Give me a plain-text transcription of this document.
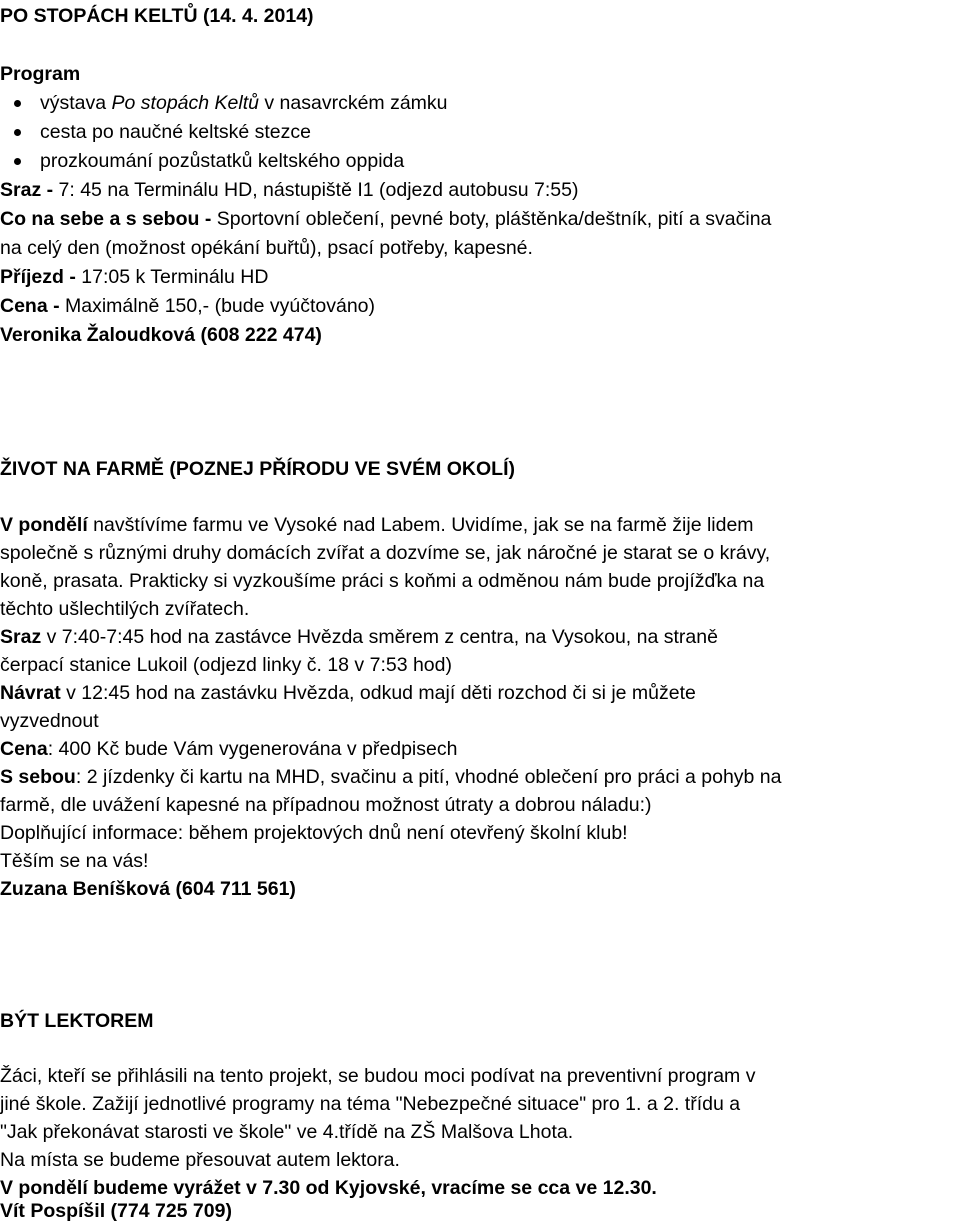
PO STOPÁCH KELTŮ (14. 4. 2014)
Program
výstava Po stopách Keltů v nasavrckém zámku
cesta po naučné keltské stezce
prozkoumání pozůstatků keltského oppida
Sraz - 7: 45 na Terminálu HD, nástupiště I1 (odjezd autobusu 7:55)
Co na sebe a s sebou - Sportovní oblečení, pevné boty, pláštěnka/deštník, pití a svačina
na celý den (možnost opékání buřtů), psací potřeby, kapesné.
Příjezd - 17:05 k Terminálu HD
Cena - Maximálně 150,- (bude vyúčtováno)
Veronika Žaloudková (608 222 474)
ŽIVOT NA FARMĚ (POZNEJ PŘÍRODU VE SVÉM OKOLÍ)
V pondělí navštívíme farmu ve Vysoké nad Labem. Uvidíme, jak se na farmě žije lidem
společně s různými druhy domácích zvířat a dozvíme se, jak náročné je starat se o krávy,
koně, prasata. Prakticky si vyzkoušíme práci s koňmi a odměnou nám bude projížďka na
těchto ušlechtilých zvířatech.
Sraz v 7:40-7:45 hod na zastávce Hvězda směrem z centra, na Vysokou, na straně
čerpací stanice Lukoil (odjezd linky č. 18 v 7:53 hod)
Návrat v 12:45 hod na zastávku Hvězda, odkud mají děti rozchod či si je můžete
vyzvednout
Cena: 400 Kč bude Vám vygenerována v předpisech
S sebou: 2 jízdenky či kartu na MHD, svačinu a pití, vhodné oblečení pro práci a pohyb na
farmě, dle uvážení kapesné na případnou možnost útraty a dobrou náladu:)
Doplňující informace: během projektových dnů není otevřený školní klub!
Těším se na vás!
Zuzana Beníšková (604 711 561)
BÝT LEKTOREM
Žáci, kteří se přihlásili na tento projekt, se budou moci podívat na preventivní program v
jiné škole. Zažijí jednotlivé programy na téma "Nebezpečné situace" pro 1. a 2. třídu a
"Jak překonávat starosti ve škole" ve 4.třídě na ZŠ Malšova Lhota.
Na místa se budeme přesouvat autem lektora.
V pondělí budeme vyrážet v 7.30 od Kyjovské, vracíme se cca ve 12.30.
Vít Pospíšil (774 725 709)
